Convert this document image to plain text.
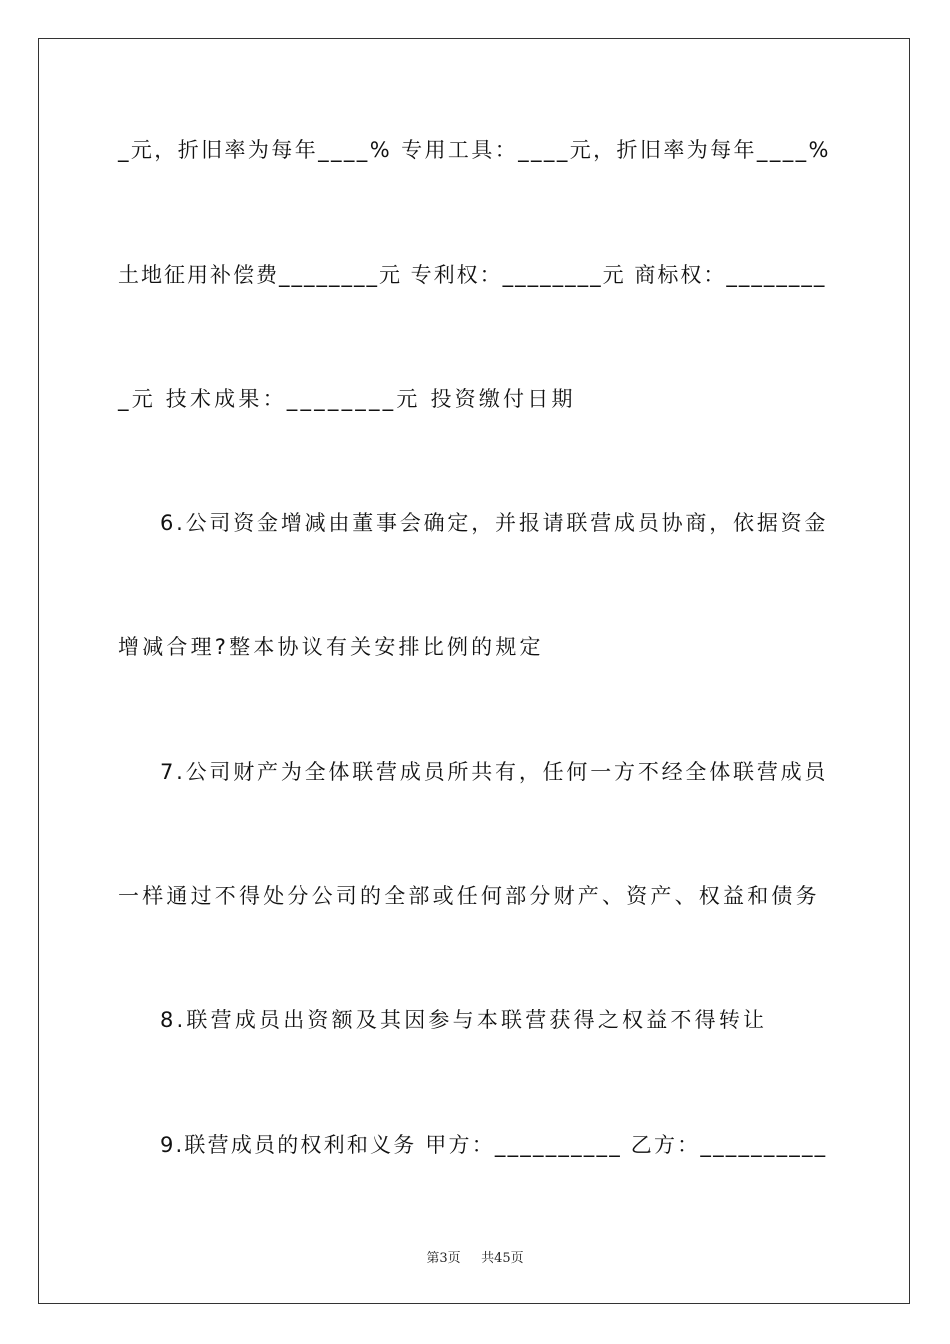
_元，折旧率为每年____% 专用工具：____元，折旧率为每年____%
土地征用补偿费________元 专利权：________元 商标权：________
_元 技术成果：________元 投资缴付日期
6.公司资金增减由董事会确定，并报请联营成员协商，依据资金
增减合理?整本协议有关安排比例的规定
7.公司财产为全体联营成员所共有，任何一方不经全体联营成员
一样通过不得处分公司的全部或任何部分财产、资产、权益和债务
8.联营成员出资额及其因参与本联营获得之权益不得转让
9.联营成员的权利和义务 甲方：__________ 乙方：__________
第3页 共45页
